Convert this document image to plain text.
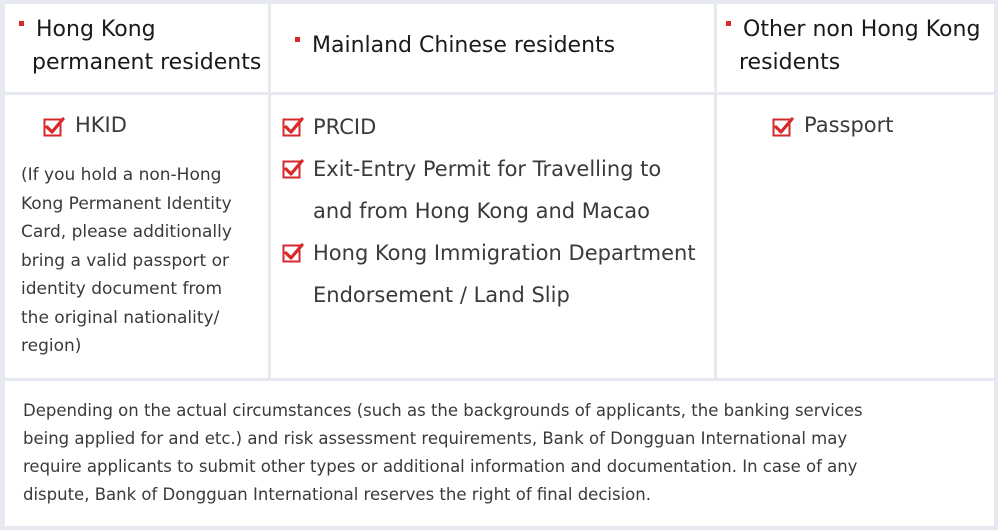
Hong Kong
permanent residents
Mainland Chinese residents
Other non Hong Kong
residents
HKID
(If you hold a non-Hong
Kong Permanent Identity
Card, please additionally
bring a valid passport or
identity document from
the original nationality/
region)
PRCID
Exit-Entry Permit for Travelling to
and from Hong Kong and Macao
Hong Kong Immigration Department
Endorsement / Land Slip
Passport
Depending on the actual circumstances (such as the backgrounds of applicants, the banking services
being applied for and etc.) and risk assessment requirements, Bank of Dongguan International may
require applicants to submit other types or additional information and documentation. In case of any
dispute, Bank of Dongguan International reserves the right of final decision.
